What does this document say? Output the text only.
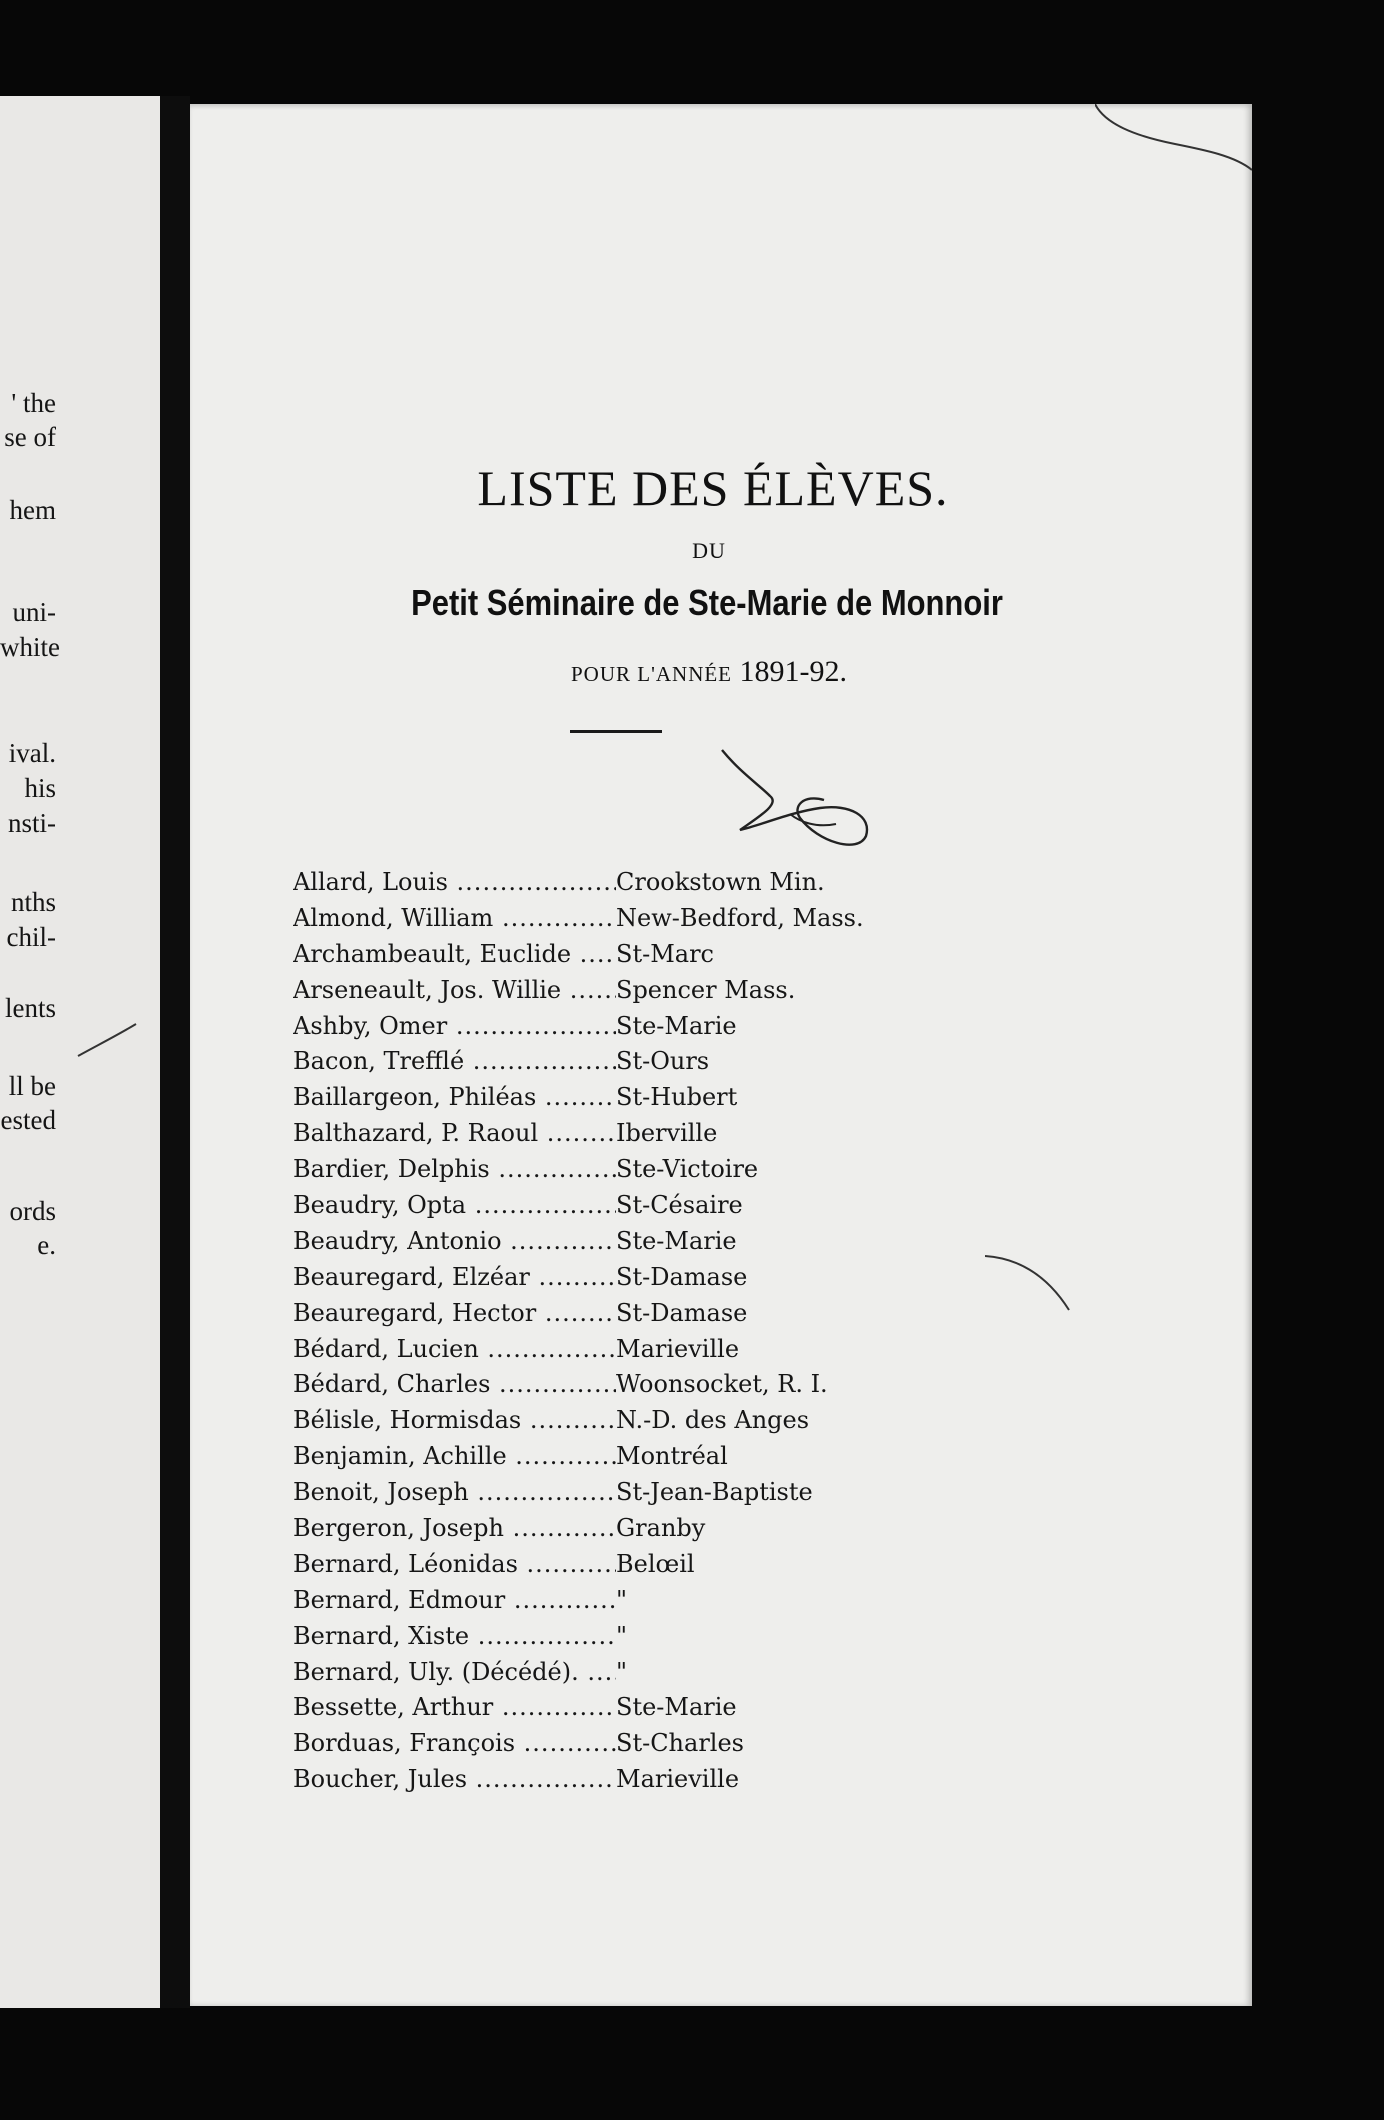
' the
se of
hem
uni-
white
ival.
his
nsti-
nths
chil-
lents
ll be
ested
ords
e.
LISTE DES ÉLÈVES.
DU
Petit Séminaire de Ste-Marie de Monnoir
POUR L'ANNÉE 1891-92.
Allard, Louis .....	Crookstown Min.
Almond, William .....	New-Bedford, Mass.
Archambeault, Euclide .....	St-Marc
Arseneault, Jos. Willie .....	Spencer Mass.
Ashby, Omer .....	Ste-Marie
Bacon, Trefflé .....	St-Ours
Baillargeon, Philéas .....	St-Hubert
Balthazard, P. Raoul .....	Iberville
Bardier, Delphis .....	Ste-Victoire
Beaudry, Opta .....	St-Césaire
Beaudry, Antonio .....	Ste-Marie
Beauregard, Elzéar .....	St-Damase
Beauregard, Hector .....	St-Damase
Bédard, Lucien .....	Marieville
Bédard, Charles .....	Woonsocket, R. I.
Bélisle, Hormisdas .....	N.-D. des Anges
Benjamin, Achille .....	Montréal
Benoit, Joseph .....	St-Jean-Baptiste
Bergeron, Joseph .....	Granby
Bernard, Léonidas .....	Belœil
Bernard, Edmour .....	"
Bernard, Xiste .....	"
Bernard, Uly. (Décédé). .....	"
Bessette, Arthur .....	Ste-Marie
Borduas, François .....	St-Charles
Boucher, Jules .....	Marieville
